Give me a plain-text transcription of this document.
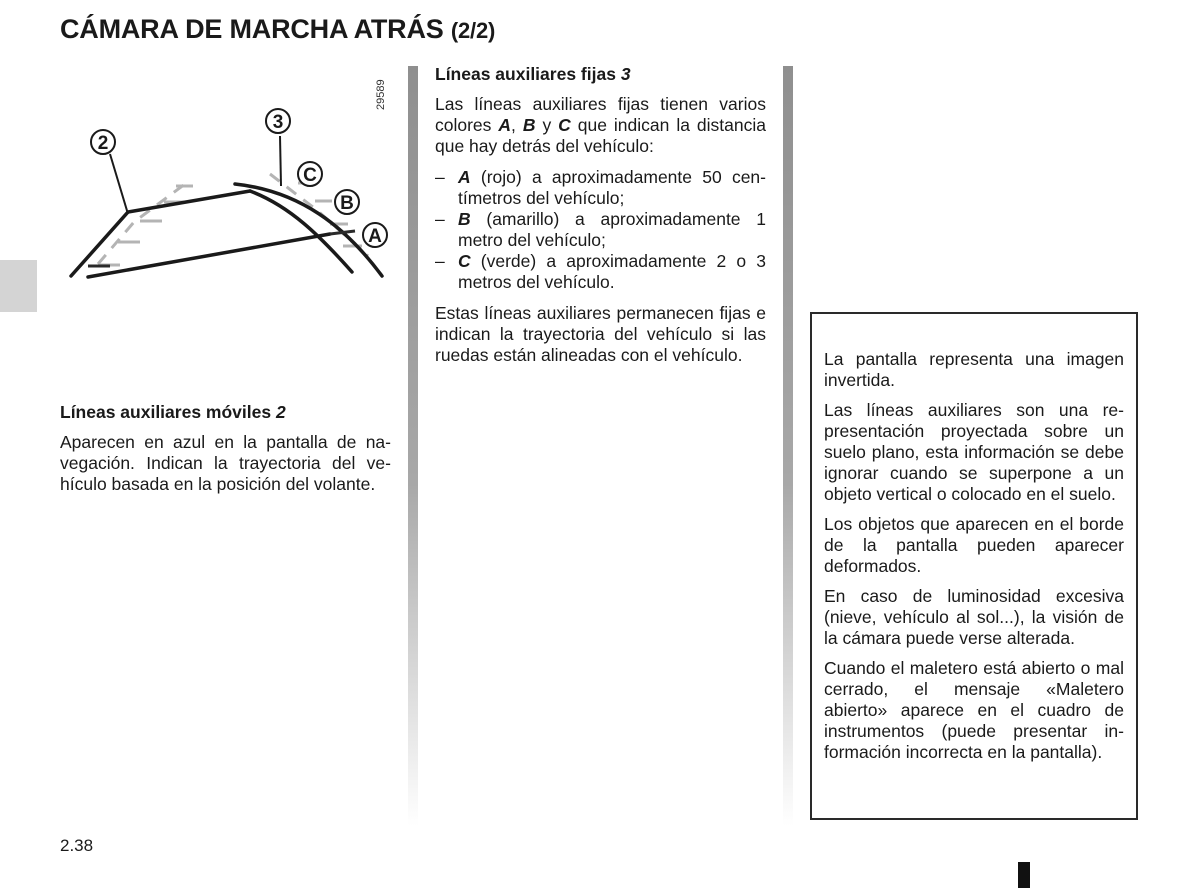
CÁMARA DE MARCHA ATRÁS (2/2)
2
3
C
B
A
29589
Líneas auxiliares móviles 2

Aparecen en azul en la pantalla de navegación. Indican la trayectoria del vehículo basada en la posición del volante.

Líneas auxiliares fijas 3

Las líneas auxiliares fijas tienen varios colores A, B y C que indican la distancia que hay detrás del vehículo:

– A (rojo) a aproximadamente 50 centímetros del vehículo;
– B (amarillo) a aproximadamente 1 metro del vehículo;
– C (verde) a aproximadamente 2 o 3 metros del vehículo.

Estas líneas auxiliares permanecen fijas e indican la trayectoria del vehículo si las ruedas están alineadas con el vehículo.	La pantalla representa una imagen invertida.

Las líneas auxiliares son una representación proyectada sobre un suelo plano, esta información se debe ignorar cuando se superpone a un objeto vertical o colocado en el suelo.

Los objetos que aparecen en el borde de la pantalla pueden aparecer deformados.

En caso de luminosidad excesiva (nieve, vehículo al sol...), la visión de la cámara puede verse alterada.

Cuando el maletero está abierto o mal cerrado, el mensaje «Maletero abierto» aparece en el cuadro de instrumentos (puede presentar información incorrecta en la pantalla).

2.38
